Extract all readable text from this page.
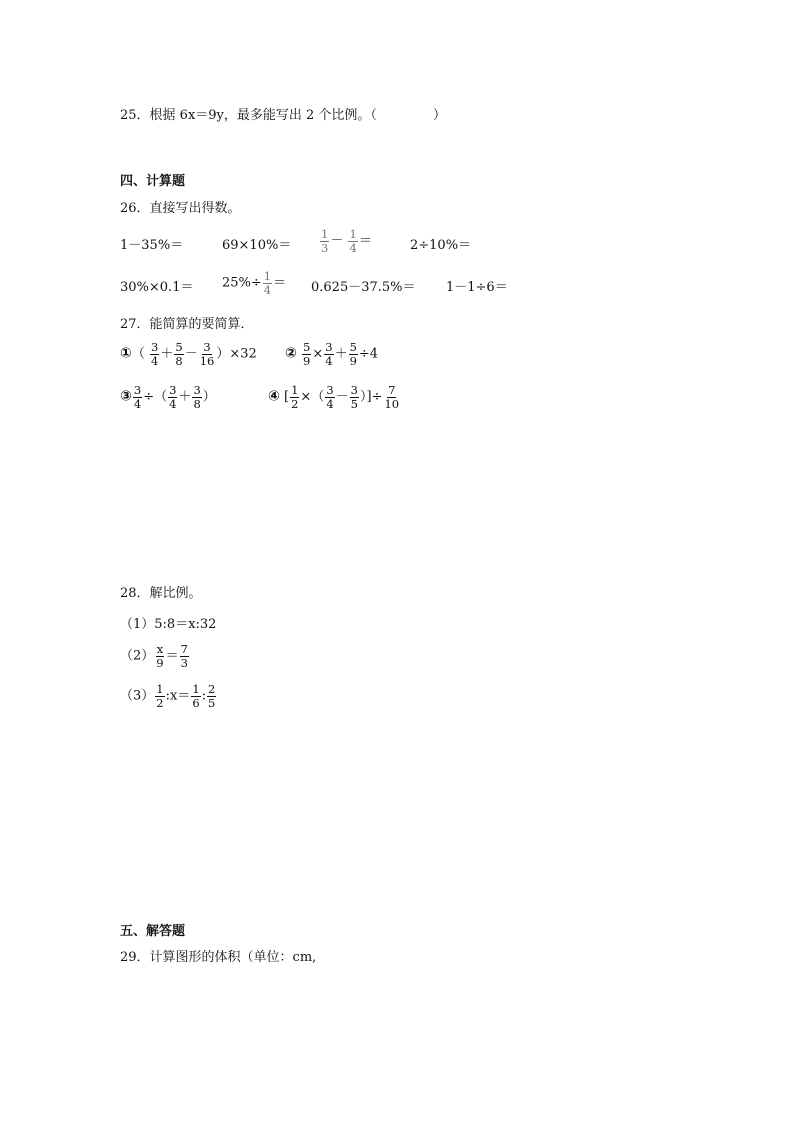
25．根据 6x＝9y，最多能写出 2 个比例。（	）
四、计算题
26．直接写出得数。
1－35%＝	$69\times 10\%= \frac{1}{3} - \frac{1}{4}$ ＝	2÷10%＝
$30\%\times 0.1= 25\%\div \frac{1}{4} = 0.625-37.5\%= 1-1\div 6=$
27．能简算的要简算．
①（ $\frac{3}{4} + \frac{5}{8} - \frac{3}{16} )\times 32$ ② $\frac{5}{9} \times \frac{3}{4} + \frac{5}{9} \div 4$
③ $\frac{3}{4}$ ÷（ $\frac{3}{4} + \frac{3}{8}$ ）	④ [ $\frac{1}{2}$ ×（ $\frac{3}{4} - \frac{3}{5}$ ）]÷ $\frac{7}{10}$
28．解比例。
（1）5:8＝x:32
$(2) \frac{x}{9} = \frac{7}{3}$
$(3) \frac{1}{2}$ :x＝ $\frac{1}{6}$ : $\frac{2}{5}$
五、解答题
29．计算图形的体积（单位：cm,
